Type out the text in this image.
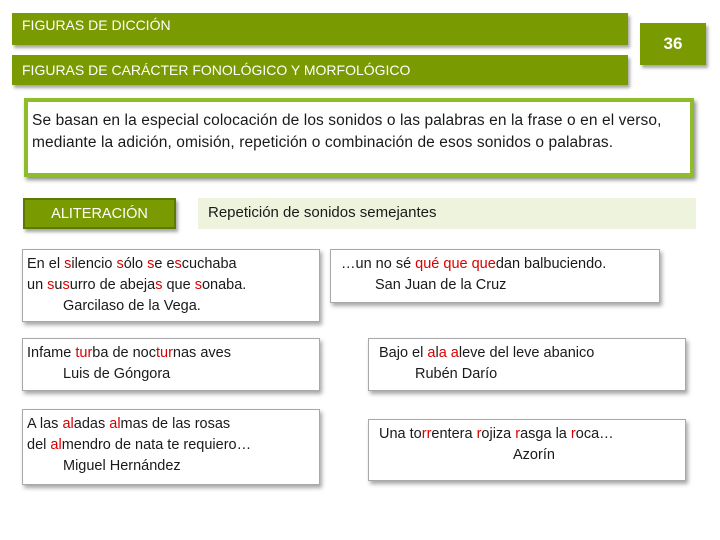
FIGURAS DE DICCIÓN
FIGURAS DE CARÁCTER FONOLÓGICO Y MORFOLÓGICO
36
Se basan en la especial colocación de los sonidos o las palabras en la frase o en el verso,
mediante la adición, omisión, repetición o combinación de esos sonidos o palabras.
ALITERACIÓN	Repetición de sonidos semejantes
En el silencio sólo se escuchaba
un susurro de abejas que sonaba.
Garcilaso de la Vega.
…un no sé qué que quedan balbuciendo.
San Juan de la Cruz
Infame turba de nocturnas aves
Luis de Góngora
Bajo el ala aleve del leve abanico
Rubén Darío
A las aladas almas de las rosas
del almendro de nata te requiero…
Miguel Hernández
Una torrentera rojiza rasga la roca…
Azorín
